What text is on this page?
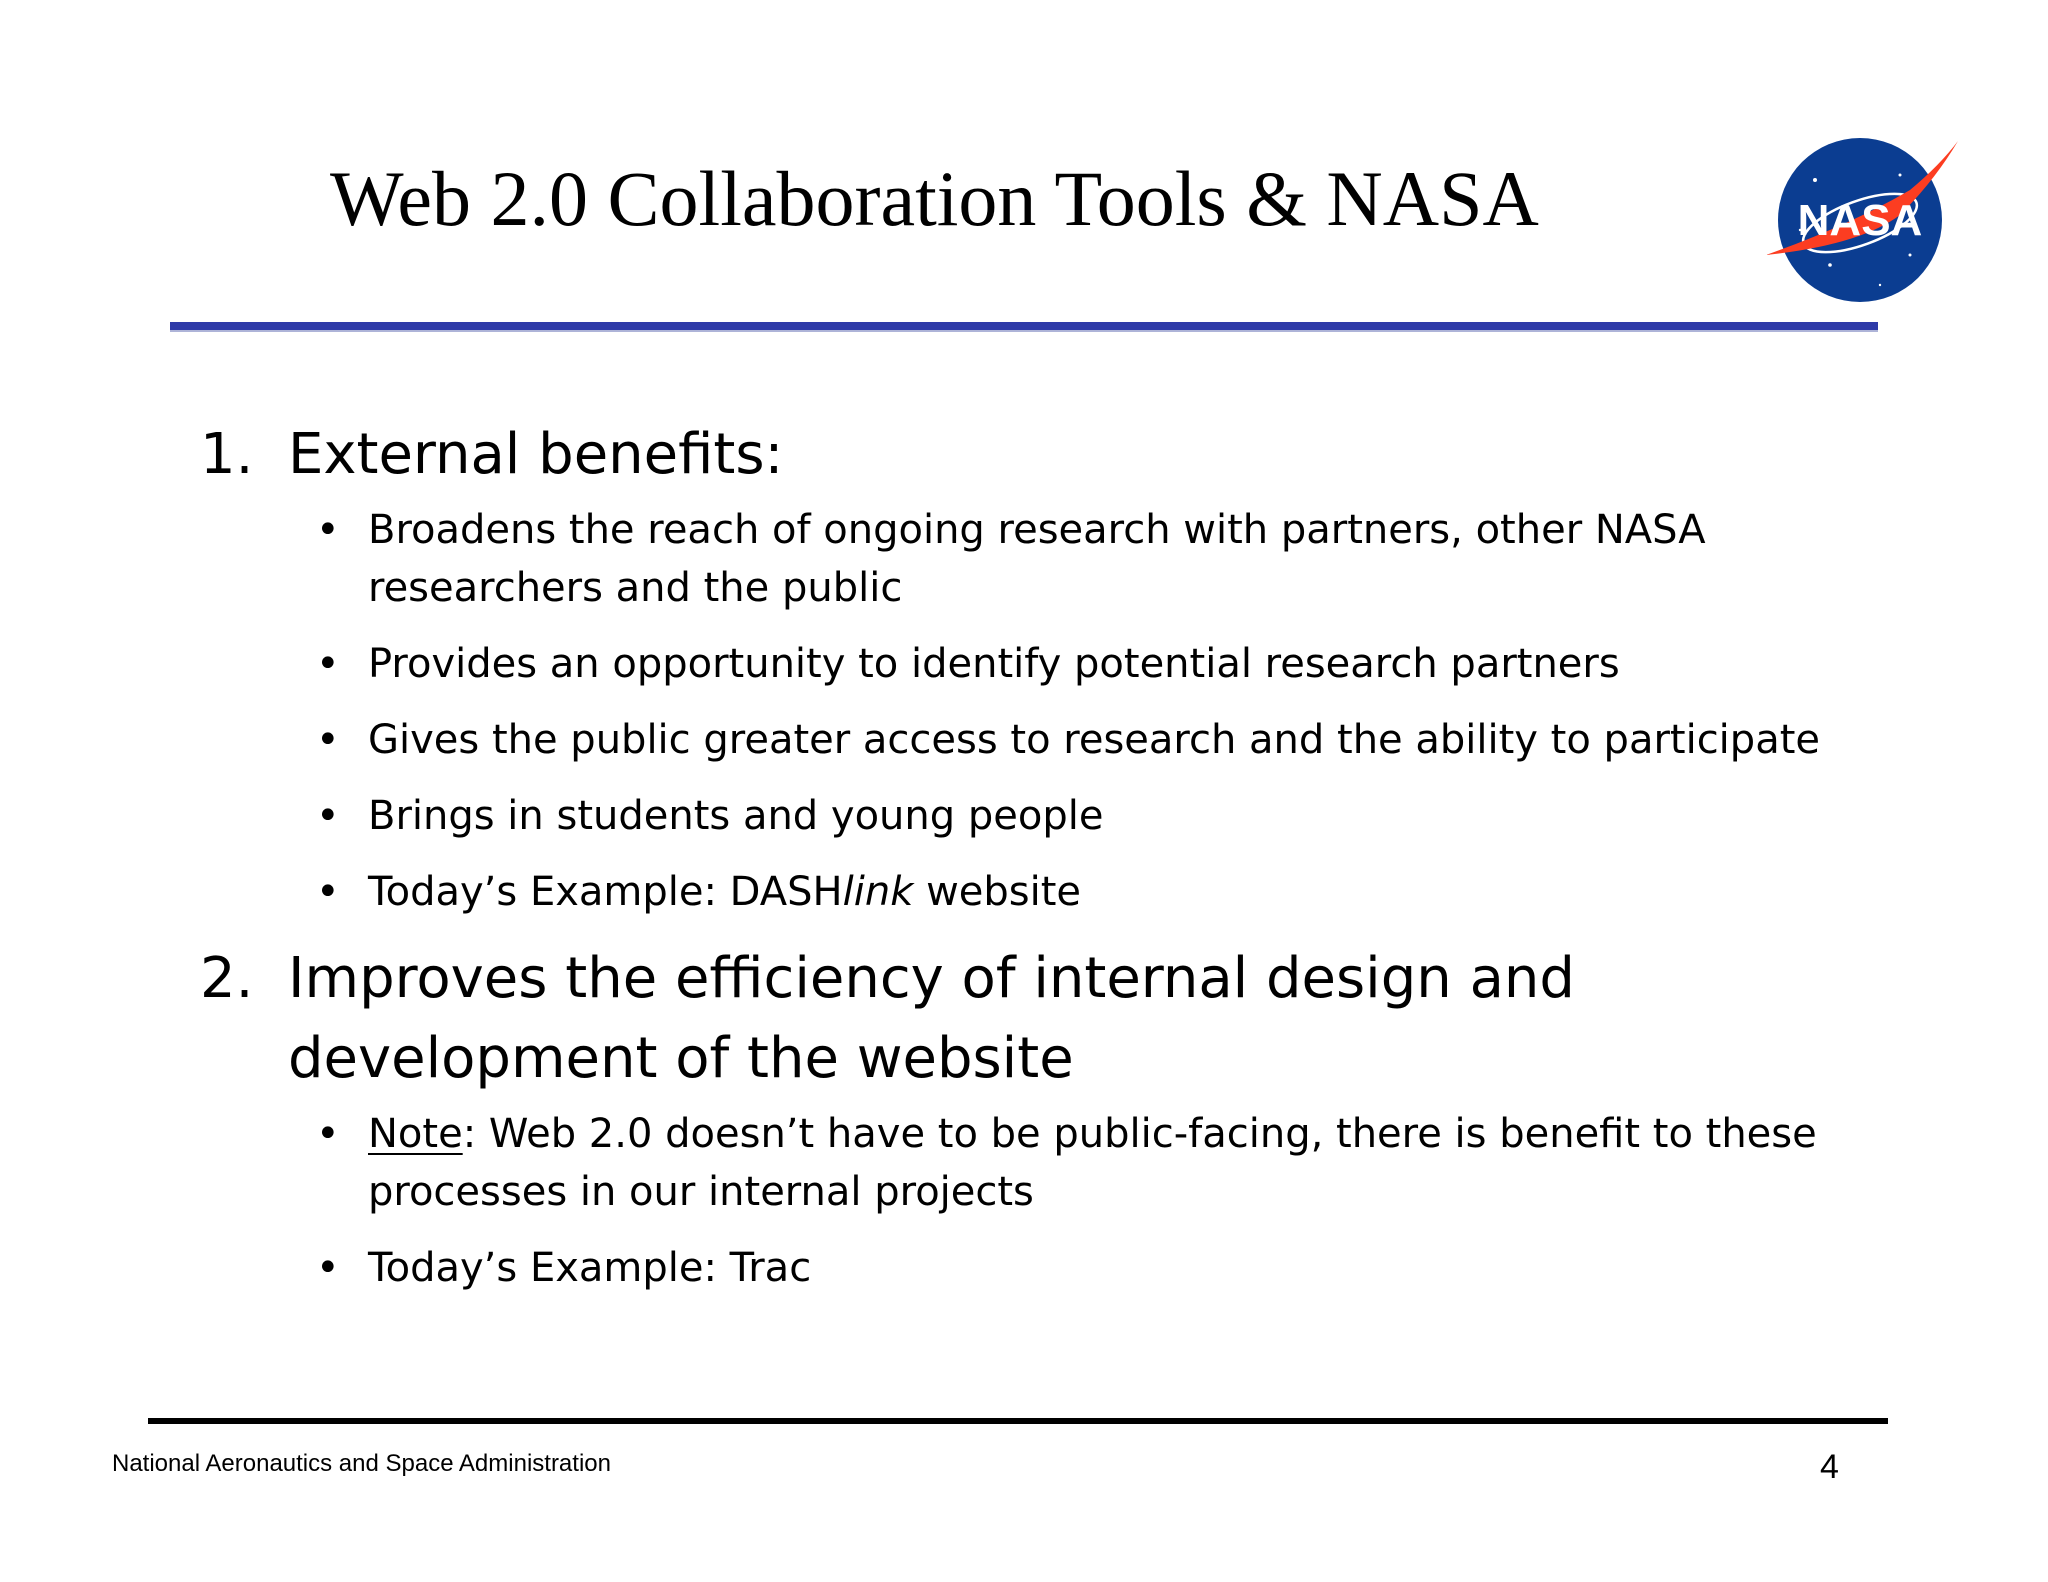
Web 2.0 Collaboration Tools & NASA	NASA
1. External benefits:
• Broadens the reach of ongoing research with partners, other NASA researchers and the public
• Provides an opportunity to identify potential research partners
• Gives the public greater access to research and the ability to participate
• Brings in students and young people
• Today’s Example: DASHlink website
2. Improves the efficiency of internal design and development of the website
• Note: Web 2.0 doesn’t have to be public-facing, there is benefit to these processes in our internal projects
• Today’s Example: Trac
National Aeronautics and Space Administration	4
